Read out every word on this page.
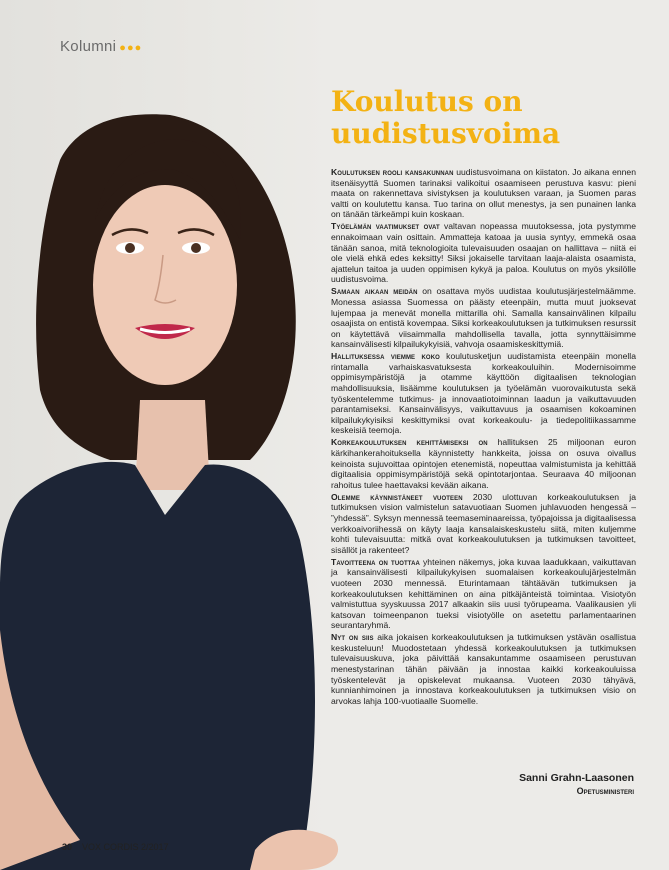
Kolumni ●●●
Koulutus on uudistusvoima

Koulutuksen rooli kansakunnan uudistusvoimana on kiistaton. Jo aikana ennen itsenäisyyttä Suomen tarinaksi valikoitui osaamiseen perustuva kasvu: pieni maata on rakennettava sivistyksen ja koulutuksen varaan, ja Suomen paras valtti on koulutettu kansa. Tuo tarina on ollut menestys, ja sen punainen lanka on tänään tärkeämpi kuin koskaan.

Työelämän vaatimukset ovat valtavan nopeassa muutoksessa, jota pystymme ennakoimaan vain osittain. Ammatteja katoaa ja uusia syntyy, emmekä osaa tänään sanoa, mitä teknologioita tulevaisuuden osaajan on hallittava – niitä ei ole vielä ehkä edes keksitty! Siksi jokaiselle tarvitaan laaja-alaista osaamista, ajattelun taitoa ja uuden oppimisen kykyä ja paloa. Koulutus on myös yksilölle uudistusvoima.

Samaan aikaan meidän on osattava myös uudistaa koulutusjärjestelmäämme. Monessa asiassa Suomessa on päästy eteenpäin, mutta muut juoksevat lujempaa ja menevät monella mittarilla ohi. Samalla kansainvälinen kilpailu osaajista on entistä kovempaa. Siksi korkeakoulutuksen ja tutkimuksen resurssit on käytettävä viisaimmalla mahdollisella tavalla, jotta synnyttäisimme kansainvälisesti kilpailukykyisiä, vahvoja osaamiskeskittymiä.

Hallituksessa viemme koko koulutusketjun uudistamista eteenpäin monella rintamalla varhaiskasvatuksesta korkeakouluihin. Modernisoimme oppimisympäristöjä ja otamme käyttöön digitaalisen teknologian mahdollisuuksia, lisäämme koulutuksen ja työelämän vuorovaikutusta sekä työskentelemme tutkimus- ja innovaatiotoiminnan laadun ja vaikuttavuuden parantamiseksi. Kansainvälisyys, vaikuttavuus ja osaamisen kokoaminen kilpailukykyisiksi keskittymiksi ovat korkeakoulu- ja tiedepolitiikassamme keskeisiä teemoja.

Korkeakoulutuksen kehittämiseksi on hallituksen 25 miljoonan euron kärkihankerahoituksella käynnistetty hankkeita, joissa on osuva oivallus keinoista sujuvoittaa opintojen etenemistä, nopeuttaa valmistumista ja kehittää digitaalisia oppimisympäristöjä sekä opintotarjontaa. Seuraava 40 miljoonan rahoitus tulee haettavaksi kevään aikana.

Olemme käynnistäneet vuoteen 2030 ulottuvan korkeakoulutuksen ja tutkimuksen vision valmistelun satavuotiaan Suomen juhlavuoden hengessä – ”yhdessä”. Syksyn mennessä teemaseminaareissa, työpajoissa ja digitaalisessa verkkoaivoriihessä on käyty laaja kansalaiskeskustelu siitä, miten kuljemme kohti tulevaisuutta: mitkä ovat korkeakoulutuksen ja tutkimuksen tavoitteet, sisällöt ja rakenteet?

Tavoitteena on tuottaa yhteinen näkemys, joka kuvaa laadukkaan, vaikuttavan ja kansainvälisesti kilpailukykyisen suomalaisen korkeakoulujärjestelmän vuoteen 2030 mennessä. Eturintamaan tähtäävän tutkimuksen ja korkeakoulutuksen kehittäminen on aina pitkäjänteistä toimintaa. Visiotyön valmistuttua syyskuussa 2017 alkaakin siis uusi työrupeama. Vaalikausien yli katsovan toimeenpanon tueksi visiotyölle on asetettu parlamentaarinen seurantaryhmä.

Nyt on siis aika jokaisen korkeakoulutuksen ja tutkimuksen ystävän osallistua keskusteluun! Muodostetaan yhdessä korkeakoulutuksen ja tutkimuksen tulevaisuuskuva, joka päivittää kansakuntamme osaamiseen perustuvan menestystarinan tähän päivään ja innostaa kaikki korkeakouluissa työskentelevät ja opiskelevat mukaansa. Vuoteen 2030 tähyävä, kunnianhimoinen ja innostava korkeakoulutuksen ja tutkimuksen visio on arvokas lahja 100-vuotiaalle Suomelle.

Sanni Grahn-Laasonen
Opetusministeri
30 VOX CORDIS 2/2017
